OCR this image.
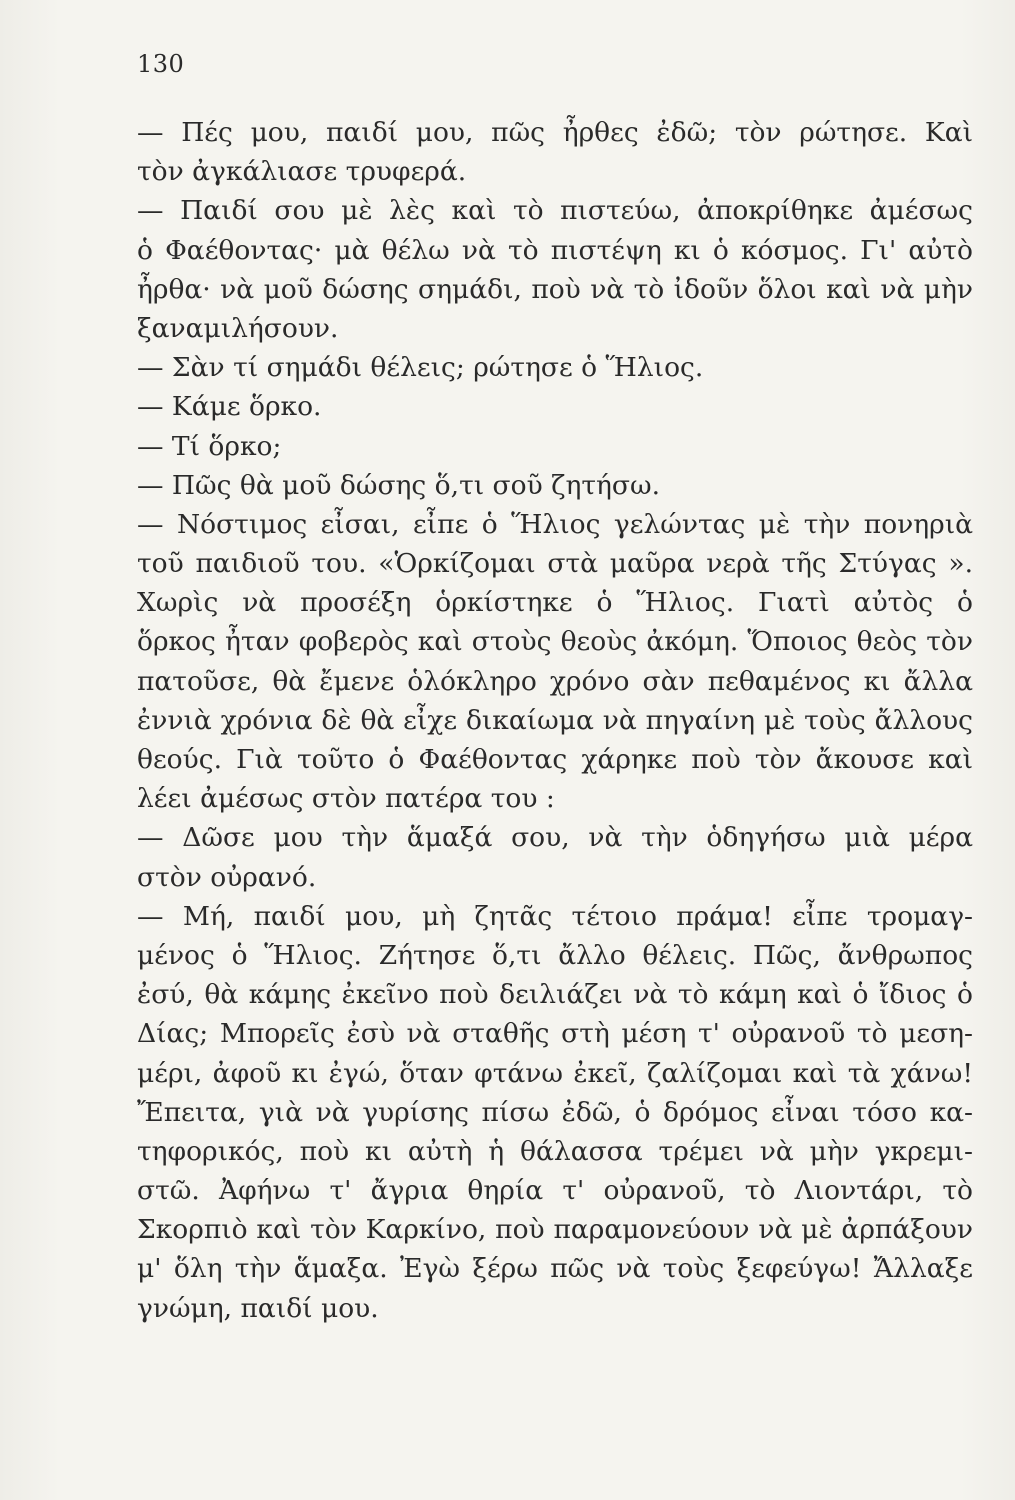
130
— Πές μου, παιδί μου, πῶς ἦρθες ἐδῶ; τὸν ρώτησε. Καὶ
τὸν ἀγκάλιασε τρυφερά.
— Παιδί σου μὲ λὲς καὶ τὸ πιστεύω, ἀποκρίθηκε ἀμέσως
ὁ Φαέθοντας· μὰ θέλω νὰ τὸ πιστέψη κι ὁ κόσμος. Γι' αὐτὸ
ἦρθα· νὰ μοῦ δώσης σημάδι, ποὺ νὰ τὸ ἰδοῦν ὅλοι καὶ νὰ μὴν
ξαναμιλήσουν.
— Σὰν τί σημάδι θέλεις; ρώτησε ὁ Ἥλιος.
— Κάμε ὅρκο.
— Τί ὅρκο;
— Πῶς θὰ μοῦ δώσης ὅ,τι σοῦ ζητήσω.
— Νόστιμος εἶσαι, εἶπε ὁ Ἥλιος γελώντας μὲ τὴν πονηριὰ
τοῦ παιδιοῦ του. «Ὁρκίζομαι στὰ μαῦρα νερὰ τῆς Στύγας ».
Χωρὶς νὰ προσέξη ὁρκίστηκε ὁ Ἥλιος. Γιατὶ αὐτὸς ὁ
ὅρκος ἦταν φοβερὸς καὶ στοὺς θεοὺς ἀκόμη. Ὅποιος θεὸς τὸν
πατοῦσε, θὰ ἔμενε ὁλόκληρο χρόνο σὰν πεθαμένος κι ἄλλα
ἐννιὰ χρόνια δὲ θὰ εἶχε δικαίωμα νὰ πηγαίνη μὲ τοὺς ἄλλους
θεούς. Γιὰ τοῦτο ὁ Φαέθοντας χάρηκε ποὺ τὸν ἄκουσε καὶ
λέει ἀμέσως στὸν πατέρα του :
— Δῶσε μου τὴν ἅμαξά σου, νὰ τὴν ὁδηγήσω μιὰ μέρα
στὸν οὐρανό.
— Μή, παιδί μου, μὴ ζητᾶς τέτοιο πράμα! εἶπε τρομαγ-
μένος ὁ Ἥλιος. Ζήτησε ὅ,τι ἄλλο θέλεις. Πῶς, ἄνθρωπος
ἐσύ, θὰ κάμης ἐκεῖνο ποὺ δειλιάζει νὰ τὸ κάμη καὶ ὁ ἴδιος ὁ
Δίας; Μπορεῖς ἐσὺ νὰ σταθῆς στὴ μέση τ' οὐρανοῦ τὸ μεση-
μέρι, ἀφοῦ κι ἐγώ, ὅταν φτάνω ἐκεῖ, ζαλίζομαι καὶ τὰ χάνω!
Ἔπειτα, γιὰ νὰ γυρίσης πίσω ἐδῶ, ὁ δρόμος εἶναι τόσο κα-
τηφορικός, ποὺ κι αὐτὴ ἡ θάλασσα τρέμει νὰ μὴν γκρεμι-
στῶ. Ἀφήνω τ' ἄγρια θηρία τ' οὐρανοῦ, τὸ Λιοντάρι, τὸ
Σκορπιὸ καὶ τὸν Καρκίνο, ποὺ παραμονεύουν νὰ μὲ ἀρπάξουν
μ' ὅλη τὴν ἅμαξα. Ἐγὼ ξέρω πῶς νὰ τοὺς ξεφεύγω! Ἄλλαξε
γνώμη, παιδί μου.
